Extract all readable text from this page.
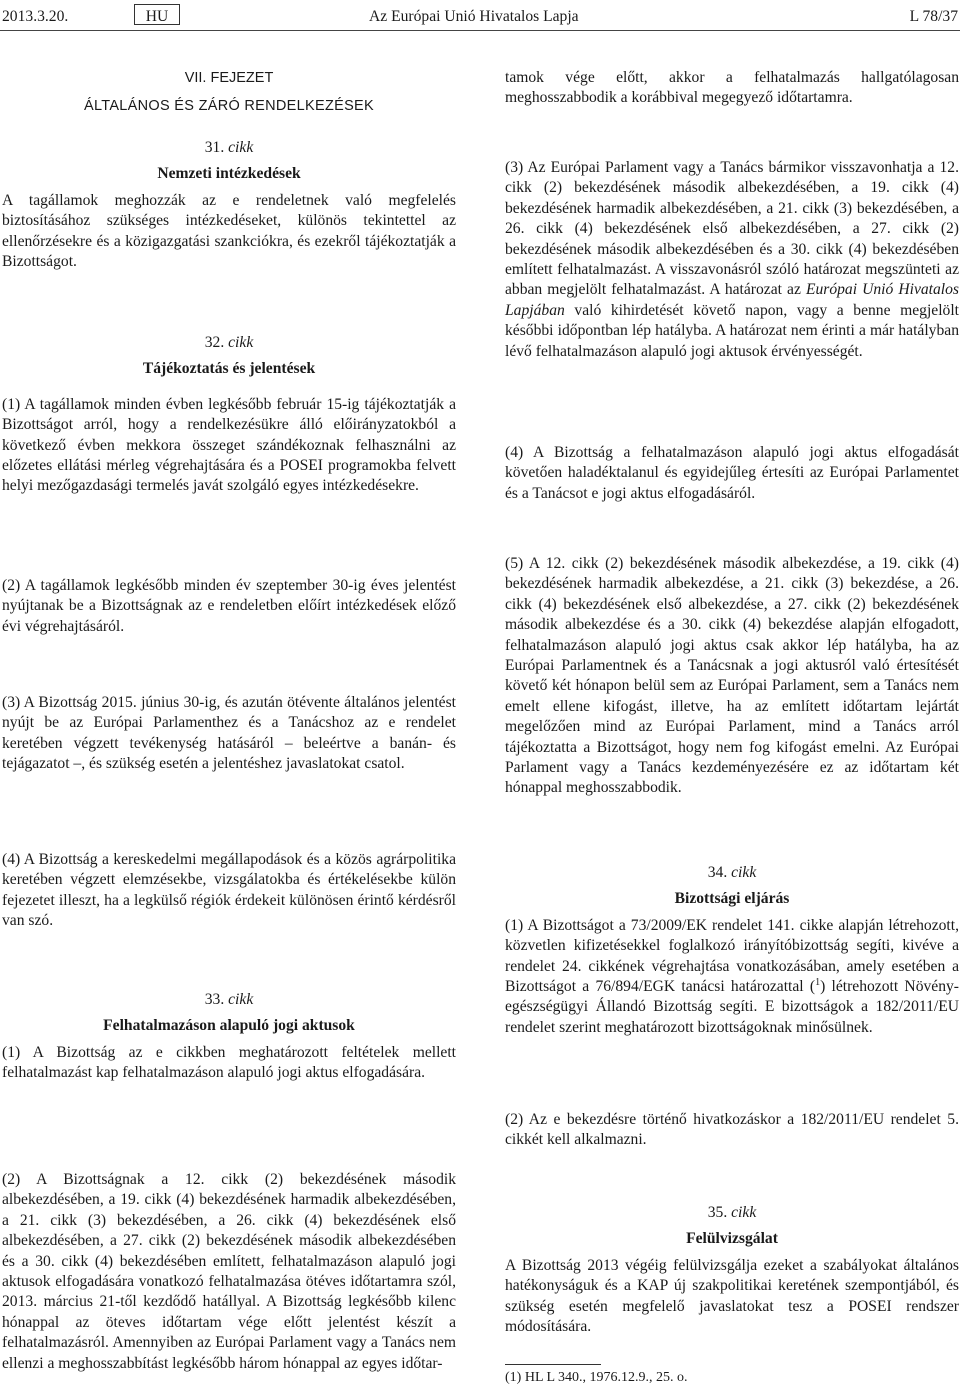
2013.3.20.	HU	Az Európai Unió Hivatalos Lapja	L 78/37
VII. FEJEZET
ÁLTALÁNOS ÉS ZÁRÓ RENDELKEZÉSEK
31. cikk
Nemzeti intézkedések

A tagállamok meghozzák az e rendeletnek való megfelelés biztosításához szükséges intézkedéseket, különös tekintettel az ellenőrzésekre és a közigazgatási szankciókra, és ezekről tájékoztatják a Bizottságot.

32. cikk
Tájékoztatás és jelentések

(1) A tagállamok minden évben legkésőbb február 15-ig tájékoztatják a Bizottságot arról, hogy a rendelkezésükre álló előirányzatokból a következő évben mekkora összeget szándékoznak felhasználni az előzetes ellátási mérleg végrehajtására és a POSEI programokba felvett helyi mezőgazdasági termelés javát szolgáló egyes intézkedésekre.

(2) A tagállamok legkésőbb minden év szeptember 30-ig éves jelentést nyújtanak be a Bizottságnak az e rendeletben előírt intézkedések előző évi végrehajtásáról.

(3) A Bizottság 2015. június 30-ig, és azután ötévente általános jelentést nyújt be az Európai Parlamenthez és a Tanácshoz az e rendelet keretében végzett tevékenység hatásáról – beleértve a banán- és tejágazatot –, és szükség esetén a jelentéshez javaslatokat csatol.

(4) A Bizottság a kereskedelmi megállapodások és a közös agrárpolitika keretében végzett elemzésekbe, vizsgálatokba és értékelésekbe külön fejezetet illeszt, ha a legkülső régiók érdekeit különösen érintő kérdésről van szó.

33. cikk
Felhatalmazáson alapuló jogi aktusok

(1) A Bizottság az e cikkben meghatározott feltételek mellett felhatalmazást kap felhatalmazáson alapuló jogi aktus elfogadására.

(2) A Bizottságnak a 12. cikk (2) bekezdésének második albekezdésében, a 19. cikk (4) bekezdésének harmadik albekezdésében, a 21. cikk (3) bekezdésében, a 26. cikk (4) bekezdésének első albekezdésében, a 27. cikk (2) bekezdésének második albekezdésében és a 30. cikk (4) bekezdésében említett, felhatalmazáson alapuló jogi aktusok elfogadására vonatkozó felhatalmazása ötéves időtartamra szól, 2013. március 21-től kezdődő hatállyal. A Bizottság legkésőbb kilenc hónappal az öteves időtartam vége előtt jelentést készít a felhatalmazásról. Amennyiben az Európai Parlament vagy a Tanács nem ellenzi a meghosszabbítást legkésőbb három hónappal az egyes időtar-

tamok vége előtt, akkor a felhatalmazás hallgatólagosan meghosszabbodik a korábbival megegyező időtartamra.

(3) Az Európai Parlament vagy a Tanács bármikor visszavonhatja a 12. cikk (2) bekezdésének második albekezdésében, a 19. cikk (4) bekezdésének harmadik albekezdésében, a 21. cikk (3) bekezdésében, a 26. cikk (4) bekezdésének első albekezdésében, a 27. cikk (2) bekezdésének második albekezdésében és a 30. cikk (4) bekezdésében említett felhatalmazást. A visszavonásról szóló határozat megszünteti az abban megjelölt felhatalmazást. A határozat az Európai Unió Hivatalos Lapjában való kihirdetését követő napon, vagy a benne megjelölt későbbi időpontban lép hatályba. A határozat nem érinti a már hatályban lévő felhatalmazáson alapuló jogi aktusok érvényességét.

(4) A Bizottság a felhatalmazáson alapuló jogi aktus elfogadását követően haladéktalanul és egyidejűleg értesíti az Európai Parlamentet és a Tanácsot e jogi aktus elfogadásáról.

(5) A 12. cikk (2) bekezdésének második albekezdése, a 19. cikk (4) bekezdésének harmadik albekezdése, a 21. cikk (3) bekezdése, a 26. cikk (4) bekezdésének első albekezdése, a 27. cikk (2) bekezdésének második albekezdése és a 30. cikk (4) bekezdése alapján elfogadott, felhatalmazáson alapuló jogi aktus csak akkor lép hatályba, ha az Európai Parlamentnek és a Tanácsnak a jogi aktusról való értesítését követő két hónapon belül sem az Európai Parlament, sem a Tanács nem emelt ellene kifogást, illetve, ha az említett időtartam lejártát megelőzően mind az Európai Parlament, mind a Tanács arról tájékoztatta a Bizottságot, hogy nem fog kifogást emelni. Az Európai Parlament vagy a Tanács kezdeményezésére ez az időtartam két hónappal meghosszabbodik.

34. cikk
Bizottsági eljárás

(1) A Bizottságot a 73/2009/EK rendelet 141. cikke alapján létrehozott, közvetlen kifizetésekkel foglalkozó irányítóbizottság segíti, kivéve a rendelet 24. cikkének végrehajtása vonatkozásában, amely esetében a Bizottságot a 76/894/EGK tanácsi határozattal ($^1$) létrehozott Növény-egészségügyi Állandó Bizottság segíti. E bizottságok a 182/2011/EU rendelet szerint meghatározott bizottságoknak minősülnek.

(2) Az e bekezdésre történő hivatkozáskor a 182/2011/EU rendelet 5. cikkét kell alkalmazni.

35. cikk
Felülvizsgálat

A Bizottság 2013 végéig felülvizsgálja ezeket a szabályokat általános hatékonyságuk és a KAP új szakpolitikai keretének szempontjából, és szükség esetén megfelelő javaslatokat tesz a POSEI rendszer módosítására.

(1) HL L 340., 1976.12.9., 25. o.
